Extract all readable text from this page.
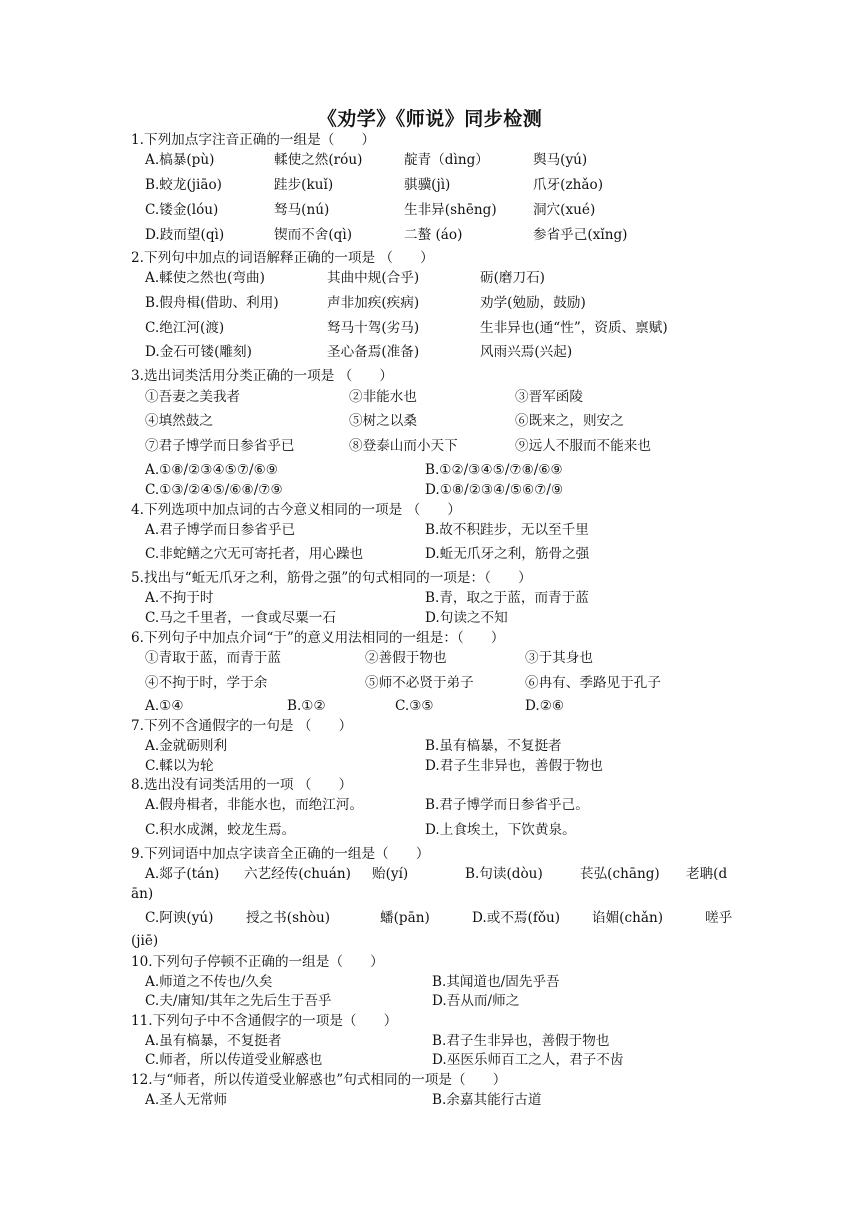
《劝学》《师说》同步检测
1.下列加点字注音正确的一组是（　　）
A.槁暴(pù)	輮使之然(róu)	靛青（dìng）	舆马(yú)
B.蛟龙(jiāo)	跬步(kuǐ)	骐骥(jì)	爪牙(zhǎo)
C.镂金(lóu)	驽马(nú)	生非异(shēng)	洞穴(xué)
D.跂而望(qì)	锲而不舍(qì)	二螯 (áo)	参省乎己(xǐng)
2.下列句中加点的词语解释正确的一项是 （　　）
A.輮使之然也(弯曲)	其曲中规(合乎)	砺(磨刀石)
B.假舟楫(借助、利用)	声非加疾(疾病)	劝学(勉励，鼓励)
C.绝江河(渡)	驽马十驾(劣马)	生非异也(通“性”，资质、禀赋)
D.金石可镂(雕刻)	圣心备焉(准备)	风雨兴焉(兴起)
3.选出词类活用分类正确的一项是 （　　）
①吾妻之美我者	②非能水也	③晋军函陵
④填然鼓之	⑤树之以桑	⑥既来之，则安之
⑦君子博学而日参省乎已	⑧登泰山而小天下	⑨远人不服而不能来也
A.①⑧/②③④⑤⑦/⑥⑨	B.①②/③④⑤/⑦⑧/⑥⑨
C.①③/②④⑤/⑥⑧/⑦⑨	D.①⑧/②③④/⑤⑥⑦/⑨
4.下列选项中加点词的古今意义相同的一项是 （　　）
A.君子博学而日参省乎已	B.故不积跬步，无以至千里
C.非蛇鳝之穴无可寄托者，用心躁也	D.蚯无爪牙之利，筋骨之强
5.找出与“蚯无爪牙之利，筋骨之强”的句式相同的一项是：（　　）
A.不拘于时	B.青，取之于蓝，而青于蓝
C.马之千里者，一食或尽粟一石	D.句读之不知
6.下列句子中加点介词“于”的意义用法相同的一组是：（　　）
①青取于蓝，而青于蓝	②善假于物也	③于其身也
④不拘于时，学于余	⑤师不必贤于弟子	⑥冉有、季路见于孔子
A.①④	B.①②	C.③⑤	D.②⑥
7.下列不含通假字的一句是 （　　）
A.金就砺则利	B.虽有槁暴，不复挺者
C.輮以为轮	D.君子生非异也，善假于物也
8.选出没有词类活用的一项 （　　）
A.假舟楫者，非能水也，而绝江河。	B.君子博学而日参省乎己。
C.积水成渊，蛟龙生焉。	D.上食埃土，下饮黄泉。
9.下列词语中加点字读音全正确的一组是（　　）
A.郯子(tán) 六艺经传(chuán) 贻(yí)	B.句读(dòu)	苌弘(chāng) 老聃(d
ān)
C.阿谀(yú) 授之书(shòu)	蟠(pān)	D.或不焉(fǒu) 谄媚(chǎn)	嗟乎
(jiē)
10.下列句子停顿不正确的一组是（　　）
A.师道之不传也/久矣	B.其闻道也/固先乎吾
C.夫/庸知/其年之先后生于吾乎	D.吾从而/师之
11.下列句子中不含通假字的一项是（　　）
A.虽有槁暴，不复挺者	B.君子生非异也，善假于物也
C.师者，所以传道受业解惑也	D.巫医乐师百工之人，君子不齿
12.与“师者，所以传道受业解惑也”句式相同的一项是（　　）
A.圣人无常师	B.余嘉其能行古道
